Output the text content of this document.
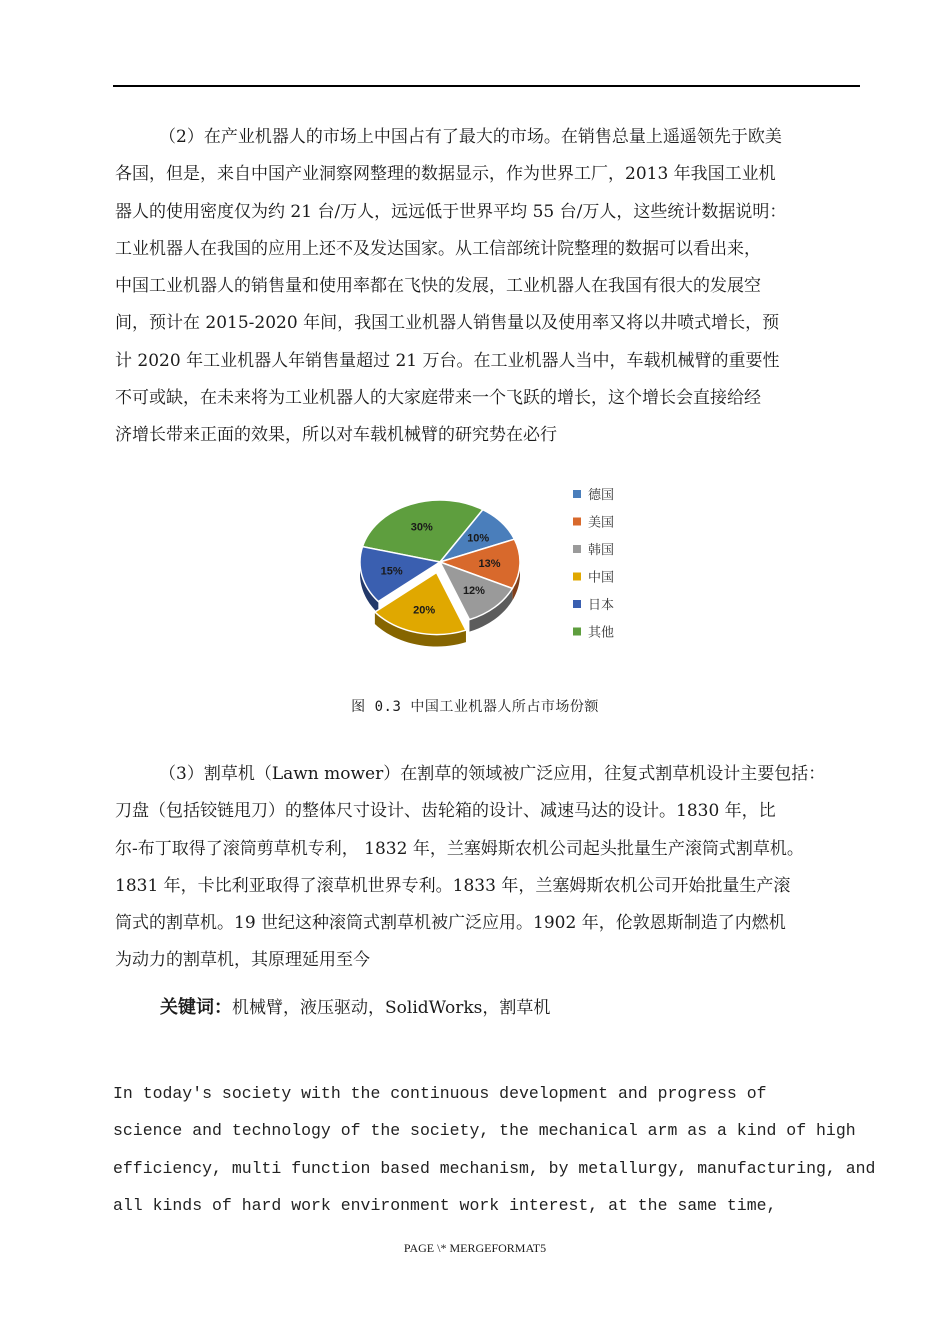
（2）在产业机器人的市场上中国占有了最大的市场。在销售总量上遥遥领先于欧美
各国，但是，来自中国产业洞察网整理的数据显示，作为世界工厂，2013 年我国工业机
器人的使用密度仅为约 21 台/万人，远远低于世界平均 55 台/万人，这些统计数据说明：
工业机器人在我国的应用上还不及发达国家。从工信部统计院整理的数据可以看出来，
中国工业机器人的销售量和使用率都在飞快的发展，工业机器人在我国有很大的发展空
间，预计在 2015-2020 年间，我国工业机器人销售量以及使用率又将以井喷式增长，预
计 2020 年工业机器人年销售量超过 21 万台。在工业机器人当中，车载机械臂的重要性
不可或缺，在未来将为工业机器人的大家庭带来一个飞跃的增长，这个增长会直接给经
济增长带来正面的效果，所以对车载机械臂的研究势在必行
30%
10%
13%
12%
20%
15%
德国
美国
韩国
中国
日本
其他
图 0.3 中国工业机器人所占市场份额
（3）割草机（Lawn mower）在割草的领域被广泛应用，往复式割草机设计主要包括：
刀盘（包括铰链甩刀）的整体尺寸设计、齿轮箱的设计、减速马达的设计。1830 年，比
尔-布丁取得了滚筒剪草机专利， 1832 年，兰塞姆斯农机公司起头批量生产滚筒式割草机。
1831 年，卡比利亚取得了滚草机世界专利。1833 年，兰塞姆斯农机公司开始批量生产滚
筒式的割草机。19 世纪这种滚筒式割草机被广泛应用。1902 年，伦敦恩斯制造了内燃机
为动力的割草机，其原理延用至今
关键词：机械臂，液压驱动，SolidWorks，割草机
In today's society with the continuous development and progress of
science and technology of the society, the mechanical arm as a kind of high
efficiency, multi function based mechanism, by metallurgy, manufacturing, and
all kinds of hard work environment work interest, at the same time,
PAGE \* MERGEFORMAT5
